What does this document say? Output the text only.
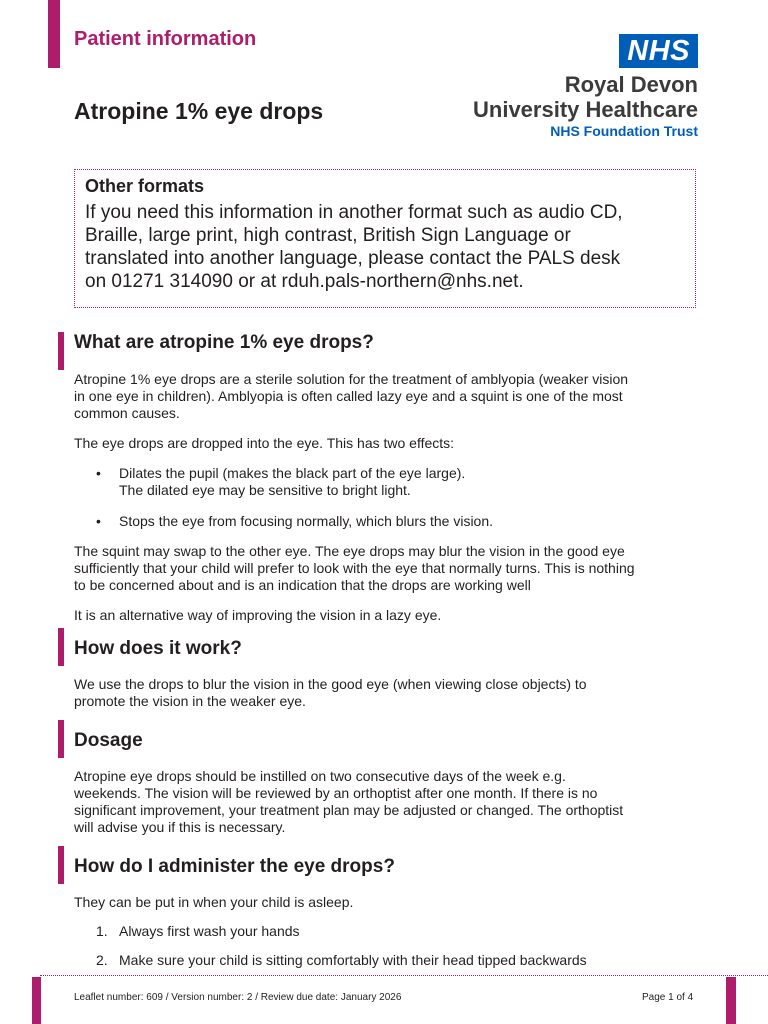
Patient information
Atropine 1% eye drops
NHS
Royal Devon
University Healthcare
NHS Foundation Trust
Other formats
If you need this information in another format such as audio CD,
Braille, large print, high contrast, British Sign Language or
translated into another language, please contact the PALS desk
on 01271 314090 or at rduh.pals-northern@nhs.net.
What are atropine 1% eye drops?
Atropine 1% eye drops are a sterile solution for the treatment of amblyopia (weaker vision
in one eye in children). Amblyopia is often called lazy eye and a squint is one of the most
common causes.
The eye drops are dropped into the eye. This has two effects:
• Dilates the pupil (makes the black part of the eye large).
The dilated eye may be sensitive to bright light.
• Stops the eye from focusing normally, which blurs the vision.
The squint may swap to the other eye. The eye drops may blur the vision in the good eye
sufficiently that your child will prefer to look with the eye that normally turns. This is nothing
to be concerned about and is an indication that the drops are working well
It is an alternative way of improving the vision in a lazy eye.
How does it work?
We use the drops to blur the vision in the good eye (when viewing close objects) to
promote the vision in the weaker eye.
Dosage
Atropine eye drops should be instilled on two consecutive days of the week e.g.
weekends. The vision will be reviewed by an orthoptist after one month. If there is no
significant improvement, your treatment plan may be adjusted or changed. The orthoptist
will advise you if this is necessary.
How do I administer the eye drops?
They can be put in when your child is asleep.
1. Always first wash your hands
2. Make sure your child is sitting comfortably with their head tipped backwards
Leaflet number: 609 / Version number: 2 / Review due date: January 2026	Page 1 of 4
